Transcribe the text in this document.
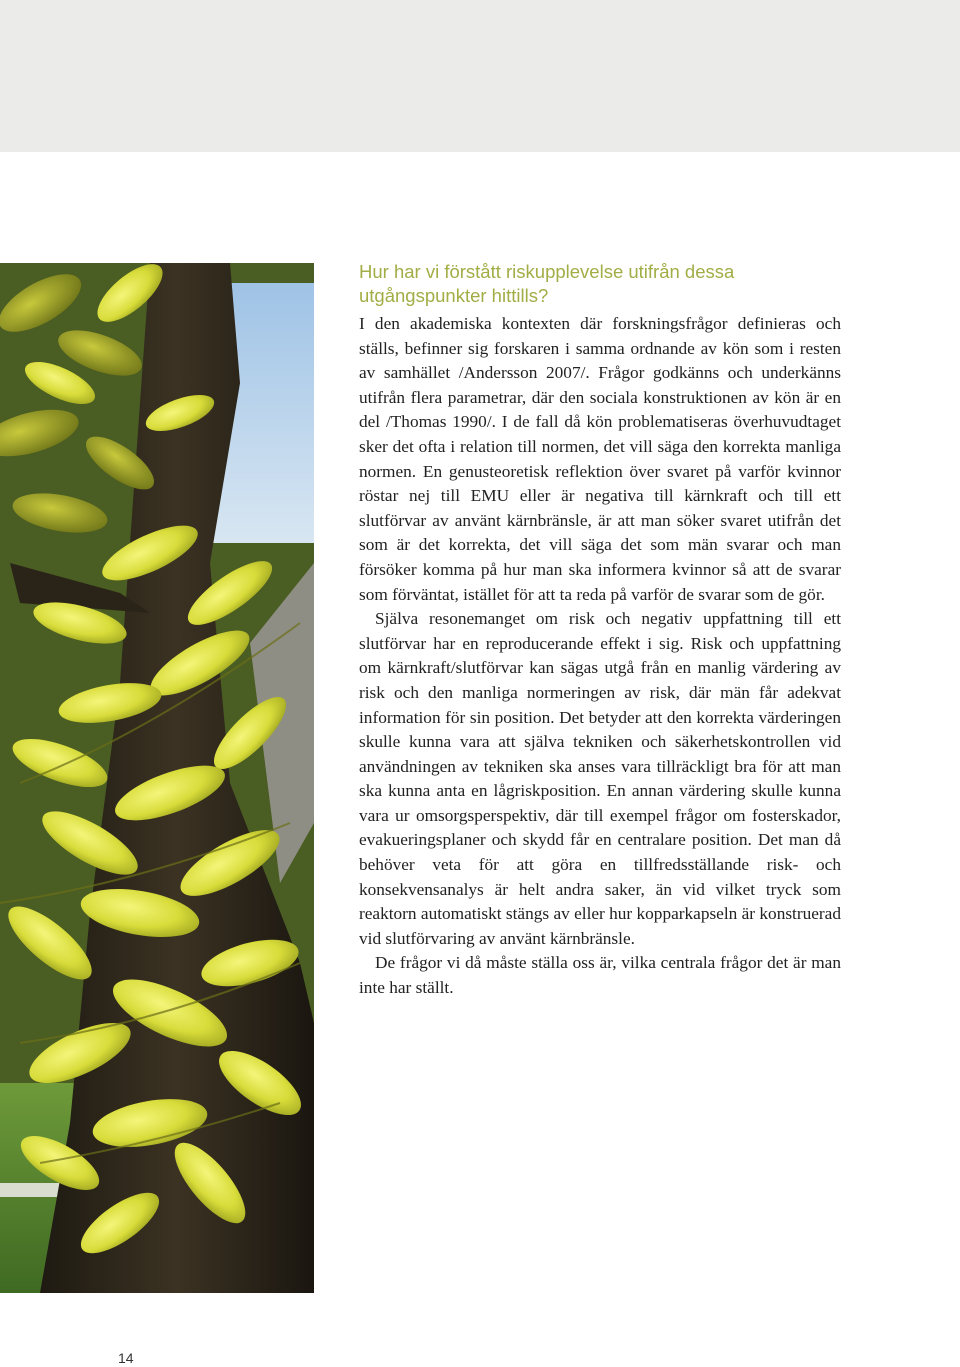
Hur har vi förstått riskupplevelse utifrån dessa utgångspunkter hittills?

I den akademiska kontexten där forskningsfrågor definieras och ställs, befinner sig forskaren i samma ordnande av kön som i resten av samhället /Andersson 2007/. Frågor godkänns och underkänns utifrån flera parametrar, där den sociala konstruktionen av kön är en del /Thomas 1990/. I de fall då kön problematiseras överhuvudtaget sker det ofta i relation till normen, det vill säga den korrekta manliga normen. En genusteoretisk reflektion över svaret på varför kvinnor röstar nej till EMU eller är negativa till kärnkraft och till ett slutförvar av använt kärnbränsle, är att man söker svaret utifrån det som är det korrekta, det vill säga det som män svarar och man försöker komma på hur man ska informera kvinnor så att de svarar som förväntat, istället för att ta reda på varför de svarar som de gör.

Själva resonemanget om risk och negativ uppfattning till ett slutförvar har en reproducerande effekt i sig. Risk och uppfattning om kärnkraft/slutförvar kan sägas utgå från en manlig värdering av risk och den manliga normeringen av risk, där män får adekvat information för sin position. Det betyder att den korrekta värderingen skulle kunna vara att själva tekniken och säkerhetskontrollen vid användningen av tekniken ska anses vara tillräckligt bra för att man ska kunna anta en lågriskposition. En annan värdering skulle kunna vara ur omsorgsperspektiv, där till exempel frågor om fosterskador, evakueringsplaner och skydd får en centralare position. Det man då behöver veta för att göra en tillfredsställande risk- och konsekvensanalys är helt andra saker, än vid vilket tryck som reaktorn automatiskt stängs av eller hur kopparkapseln är konstruerad vid slutförvaring av använt kärnbränsle.

De frågor vi då måste ställa oss är, vilka centrala frågor det är man inte har ställt.

14
